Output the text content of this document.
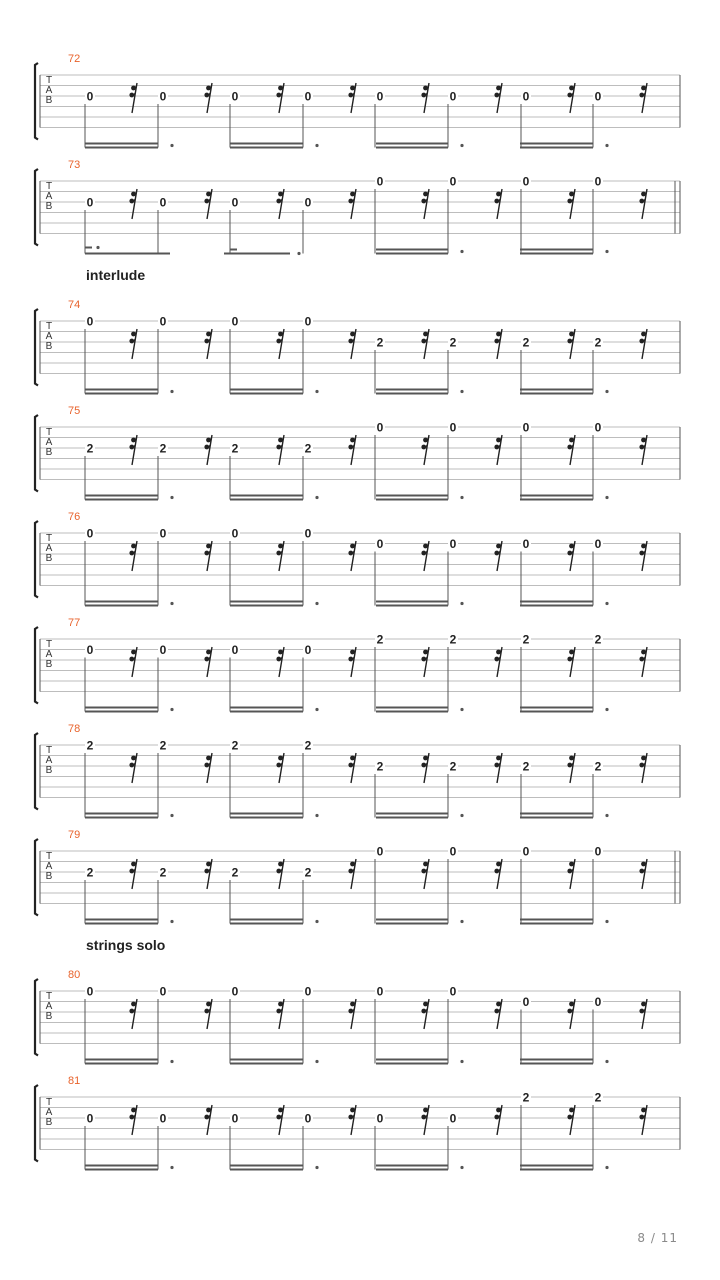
T
A
B
72
0	0	0	0	0	0	0	0
T
A
B
73
0	0	0	0
0	0	0	0
T
A
B
74
0	0	0	0
2	2	2	2
T
A
B
75
2	2	2	2
0	0	0	0
T
A
B
76
0	0	0	0
0	0	0	0
T
A
B
77
0	0	0	0
2	2	2	2
T
A
B
78
2	2	2	2
2	2	2	2
T
A
B
79
2	2	2	2
0	0	0	0
T
A
B
80
0	0	0	0	0	0
0	0
T
A
B
81
0	0	0	0	0	0
2	2
interlude
strings solo
8 / 11
